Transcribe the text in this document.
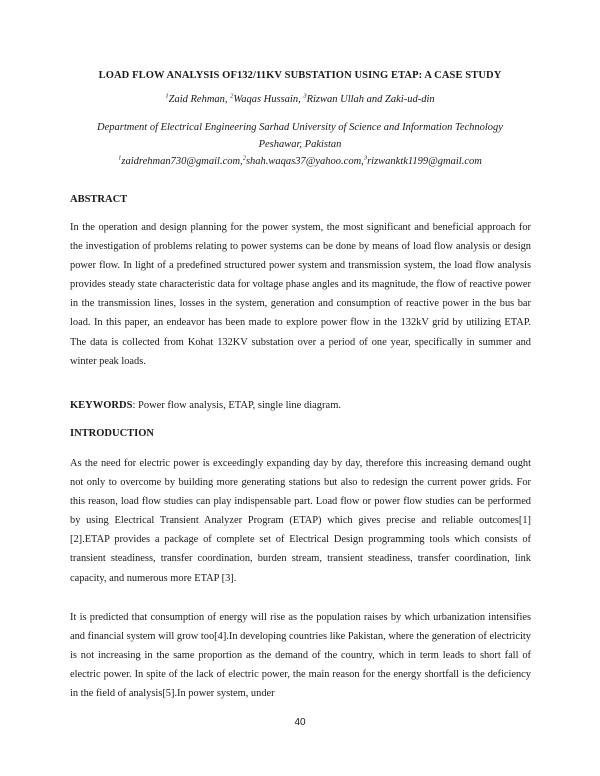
LOAD FLOW ANALYSIS OF132/11KV SUBSTATION USING ETAP: A CASE STUDY
$^1$Zaid Rehman, $^2$Waqas Hussain, $^3$Rizwan Ullah and Zaki-ud-din
Department of Electrical Engineering Sarhad University of Science and Information Technology
Peshawar, Pakistan
$^1$zaidrehman730@gmail.com,$^2$shah.waqas37@yahoo.com,$^3$rizwanktk1199@gmail.com
ABSTRACT

In the operation and design planning for the power system, the most significant and beneficial approach for the investigation of problems relating to power systems can be done by means of load flow analysis or design power flow. In light of a predefined structured power system and transmission system, the load flow analysis provides steady state characteristic data for voltage phase angles and its magnitude, the flow of reactive power in the transmission lines, losses in the system, generation and consumption of reactive power in the bus bar load. In this paper, an endeavor has been made to explore power flow in the 132kV grid by utilizing ETAP. The data is collected from Kohat 132KV substation over a period of one year, specifically in summer and winter peak loads.

KEYWORDS: Power flow analysis, ETAP, single line diagram.
INTRODUCTION

As the need for electric power is exceedingly expanding day by day, therefore this increasing demand ought not only to overcome by building more generating stations but also to redesign the current power grids. For this reason, load flow studies can play indispensable part. Load flow or power flow studies can be performed by using Electrical Transient Analyzer Program (ETAP) which gives precise and reliable outcomes[1][2].ETAP provides a package of complete set of Electrical Design programming tools which consists of transient steadiness, transfer coordination, burden stream, transient steadiness, transfer coordination, link capacity, and numerous more ETAP [3].

It is predicted that consumption of energy will rise as the population raises by which urbanization intensifies and financial system will grow too[4].In developing countries like Pakistan, where the generation of electricity is not increasing in the same proportion as the demand of the country, which in term leads to short fall of electric power. In spite of the lack of electric power, the main reason for the energy shortfall is the deficiency in the field of analysis[5].In power system, under

40
